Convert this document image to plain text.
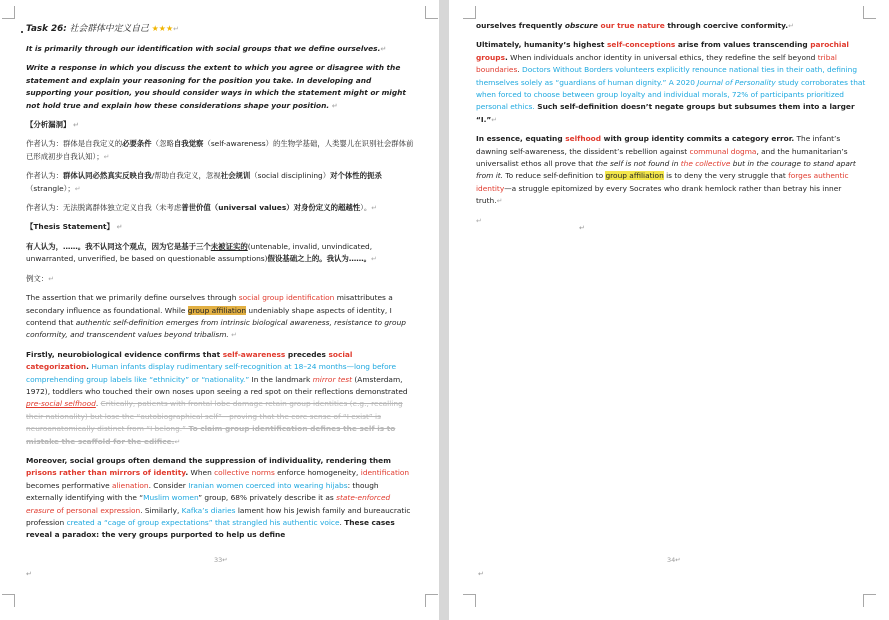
Task 26: 社会群体中定义自己 ★★★↵

It is primarily through our identification with social groups that we define ourselves.↵

Write a response in which you discuss the extent to which you agree or disagree with the statement and explain your reasoning for the position you take. In developing and supporting your position, you should consider ways in which the statement might or might not hold true and explain how these considerations shape your position. ↵

【分析漏洞】 ↵

作者认为：群体是自我定义的必要条件（忽略自我觉察（self-awareness）的生物学基础，人类婴儿在识别社会群体前已形成初步自我认知）；↵

作者认为：群体认同必然真实反映自我/帮助自我定义，忽视社会规训（social disciplining）对个体性的扼杀（strangle）；↵

作者认为：无法脱离群体独立定义自我（未考虑普世价值（universal values）对身份定义的超越性）。↵

【Thesis Statement】 ↵

有人认为，……。我不认同这个观点，因为它是基于三个未被证实的(untenable, invalid, unvindicated, unwarranted, unverified, be based on questionable assumptions)假设基础之上的。我认为……。↵

例文：↵

The assertion that we primarily define ourselves through social group identification misattributes a secondary influence as foundational. While group affiliation undeniably shape aspects of identity, I contend that authentic self-definition emerges from intrinsic biological awareness, resistance to group conformity, and transcendent values beyond tribalism. ↵

Firstly, neurobiological evidence confirms that self-awareness precedes social categorization. Human infants display rudimentary self-recognition at 18–24 months—long before comprehending group labels like “ethnicity” or “nationality.” In the landmark mirror test (Amsterdam, 1972), toddlers who touched their own noses upon seeing a red spot on their reflections demonstrated pre-social selfhood. Critically, patients with frontal lobe damage retain group identities (e.g., recalling their nationality) but lose the “autobiographical self”—proving that the core sense of “I exist” is neuroanatomically distinct from “I belong.” To claim group identification defines the self is to mistake the scaffold for the edifice.↵

Moreover, social groups often demand the suppression of individuality, rendering them prisons rather than mirrors of identity. When collective norms enforce homogeneity, identification becomes performative alienation. Consider Iranian women coerced into wearing hijabs: though externally identifying with the “Muslim women” group, 68% privately describe it as state-enforced erasure of personal expression. Similarly, Kafka’s diaries lament how his Jewish family and bureaucratic profession created a “cage of group expectations” that strangled his authentic voice. These cases reveal a paradox: the very groups purported to help us define

33↵
↵

ourselves frequently obscure our true nature through coercive conformity.↵

Ultimately, humanity’s highest self-conceptions arise from values transcending parochial groups. When individuals anchor identity in universal ethics, they redefine the self beyond tribal boundaries. Doctors Without Borders volunteers explicitly renounce national ties in their oath, defining themselves solely as “guardians of human dignity.” A 2020 Journal of Personality study corroborates that when forced to choose between group loyalty and individual morals, 72% of participants prioritized personal ethics. Such self-definition doesn’t negate groups but subsumes them into a larger “I.”↵

In essence, equating selfhood with group identity commits a category error. The infant’s dawning self-awareness, the dissident’s rebellion against communal dogma, and the humanitarian’s universalist ethos all prove that the self is not found in the collective but in the courage to stand apart from it. To reduce self-definition to group affiliation is to deny the very struggle that forges authentic identity—a struggle epitomized by every Socrates who drank hemlock rather than betray his inner truth.↵

↵

34↵
↵
↵
